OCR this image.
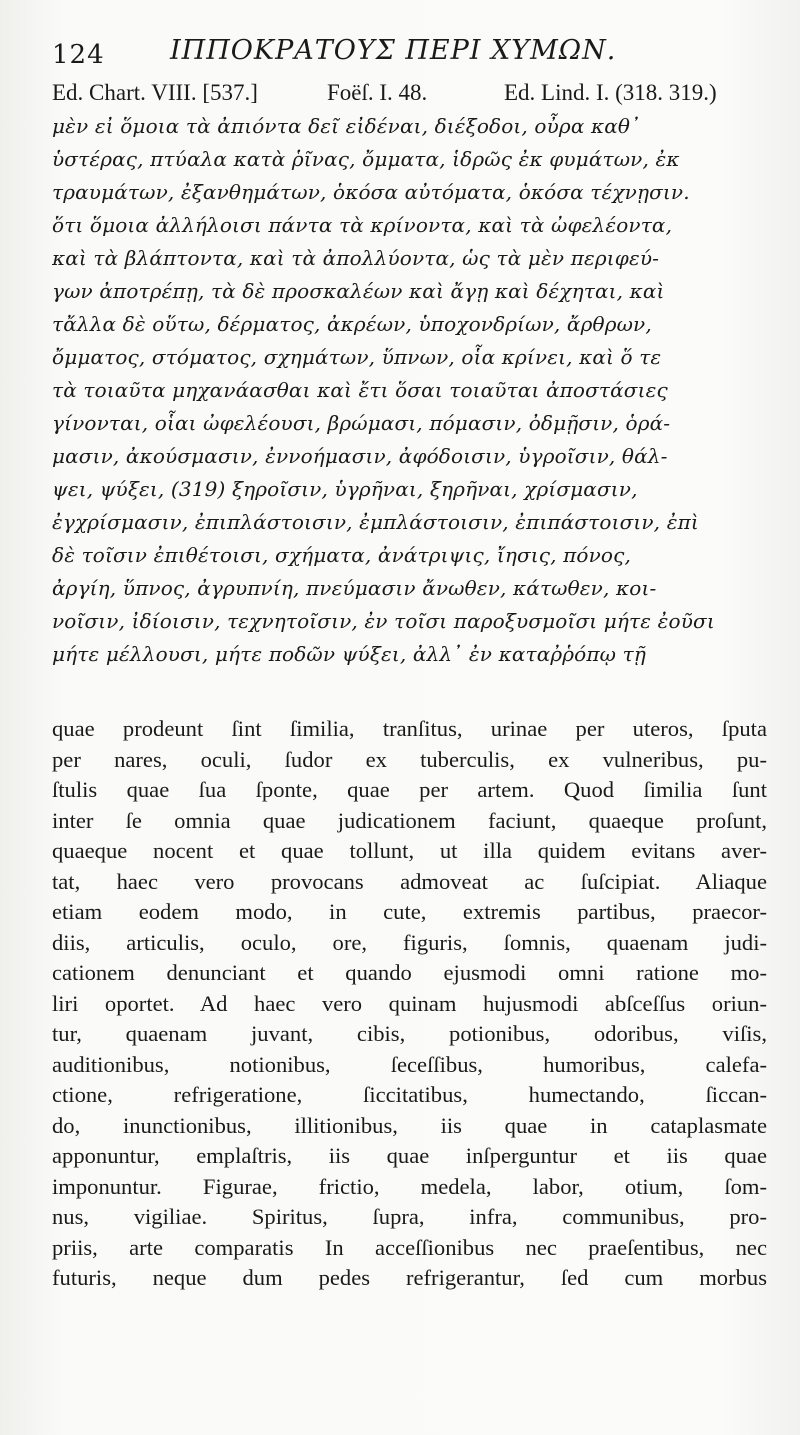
124 ΙΠΠΟΚΡΑΤΟΥΣ ΠΕΡΙ ΧΥΜΩΝ.
Ed. Chart. VIII. [537.]	Foëſ. I. 48.	Ed. Lind. I. (318. 319.)
μὲν εἰ ὅμοια τὰ ἀπιόντα δεῖ εἰδέναι, διέξοδοι, οὖρα καθ᾿
ὑστέρας, πτύαλα κατὰ ῥῖνας, ὄμματα, ἱδρῶς ἐκ φυμάτων, ἐκ
τραυμάτων, ἐξανθημάτων, ὁκόσα αὐτόματα, ὁκόσα τέχνῃσιν.
ὅτι ὅμοια ἀλλήλοισι πάντα τὰ κρίνοντα, καὶ τὰ ὠφελέοντα,
καὶ τὰ βλάπτοντα, καὶ τὰ ἀπολλύοντα, ὡς τὰ μὲν περιφεύ-
γων ἀποτρέπῃ, τὰ δὲ προσκαλέων καὶ ἄγῃ καὶ δέχηται, καὶ
τἄλλα δὲ οὕτω, δέρματος, ἀκρέων, ὑποχονδρίων, ἄρθρων,
ὄμματος, στόματος, σχημάτων, ὕπνων, οἷα κρίνει, καὶ ὅ τε
τὰ τοιαῦτα μηχανάασθαι καὶ ἔτι ὅσαι τοιαῦται ἀποστάσιες
γίνονται, οἷαι ὠφελέουσι, βρώμασι, πόμασιν, ὀδμῇσιν, ὁρά-
μασιν, ἀκούσμασιν, ἐννοήμασιν, ἀφόδοισιν, ὑγροῖσιν, θάλ-
ψει, ψύξει, (319) ξηροῖσιν, ὑγρῆναι, ξηρῆναι, χρίσμασιν,
ἐγχρίσμασιν, ἐπιπλάστοισιν, ἐμπλάστοισιν, ἐπιπάστοισιν, ἐπὶ
δὲ τοῖσιν ἐπιθέτοισι, σχήματα, ἀνάτριψις, ἴησις, πόνος,
ἀργίη, ὕπνος, ἀγρυπνίη, πνεύμασιν ἄνωθεν, κάτωθεν, κοι-
νοῖσιν, ἰδίοισιν, τεχνητοῖσιν, ἐν τοῖσι παροξυσμοῖσι μήτε ἐοῦσι
μήτε μέλλουσι, μήτε ποδῶν ψύξει, ἀλλ᾿ ἐν καταῤῥόπῳ τῇ
quae prodeunt ſint ſimilia, tranſitus, urinae per uteros, ſputa
per nares, oculi, ſudor ex tuberculis, ex vulneribus, pu-
ſtulis quae ſua ſponte, quae per artem. Quod ſimilia ſunt
inter ſe omnia quae judicationem faciunt, quaeque proſunt,
quaeque nocent et quae tollunt, ut illa quidem evitans aver-
tat, haec vero provocans admoveat ac ſuſcipiat. Aliaque
etiam eodem modo, in cute, extremis partibus, praecor-
diis, articulis, oculo, ore, figuris, ſomnis, quaenam judi-
cationem denunciant et quando ejusmodi omni ratione mo-
liri oportet. Ad haec vero quinam hujusmodi abſceſſus oriun-
tur, quaenam juvant, cibis, potionibus, odoribus, viſis,
auditionibus, notionibus, ſeceſſibus, humoribus, calefa-
ctione, refrigeratione, ſiccitatibus, humectando, ſiccan-
do, inunctionibus, illitionibus, iis quae in cataplasmate
apponuntur, emplaſtris, iis quae inſperguntur et iis quae
imponuntur. Figurae, frictio, medela, labor, otium, ſom-
nus, vigiliae. Spiritus, ſupra, infra, communibus, pro-
priis, arte comparatis In acceſſionibus nec praeſentibus, nec
futuris, neque dum pedes refrigerantur, ſed cum morbus
